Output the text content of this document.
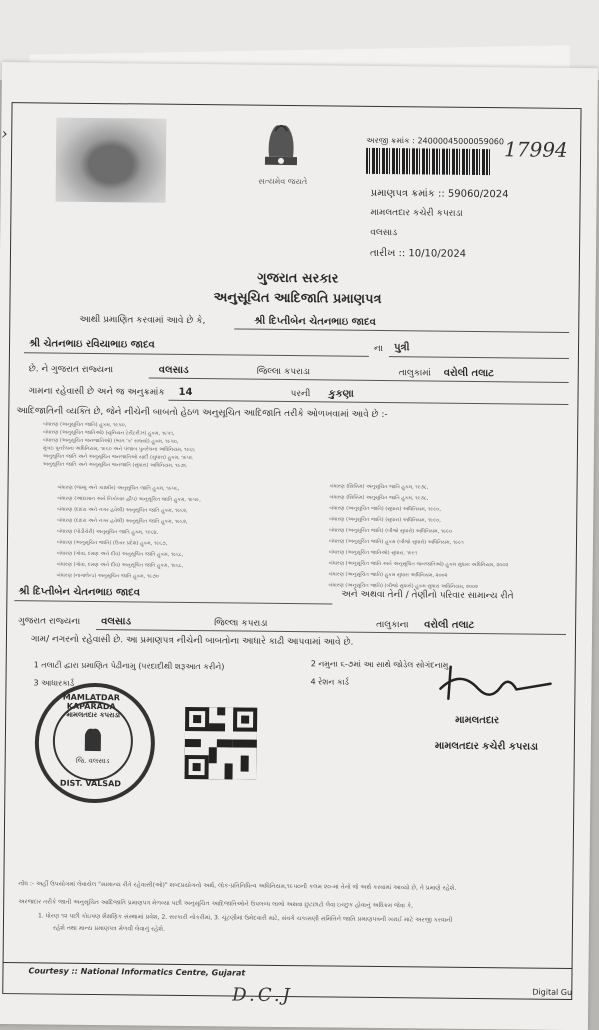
›
સત્યમેવ જયતે
અરજી ક્રમાંક : 24000045000059060 17994
પ્રમાણપત્ર ક્રમાંક :: 59060/2024
મામલતદાર કચેરી કપરાડા
વલસાડ
તારીખ :: 10/10/2024
ગુજરાત સરકાર
અનુસૂચિત આદિજાતિ પ્રમાણપત્ર
આથી પ્રમાણિત કરવામાં આવે છે કે,	શ્રી દિપ્તીબેન ચેતનભાઇ જાદવ
શ્રી ચેતનભાઇ રવિયાભાઇ જાદવ	ના પુત્રી
છે. ને ગુજરાત રાજ્યના	વલસાડ	જિલ્લા કપરાડા	તાલુકામાં વરોલી તલાટ
ગામના રહેવાસી છે અને જ અનુક્રમાંક 14	પરની કુકણા
આદિજાતિની વ્યક્તિ છે, જેને નીચેની બાબતો હેઠળ અનુસૂચિત આદિજાતિ તરીકે ઓળખવામાં આવે છે :-
બંધારણ (અનુસૂચિત જાતિ) હુકમ, ૧૯૫૦,
બંધારણ (અનુસૂચિત જાતિઓ) (યુનિયન ટેરીટરીઝ) હુકમ, ૧૯૫૧,
બંધારણ (અનુસૂચિત જનજાતિઓ) (ભાગ 'ક' રાજ્યો) હુકમ, ૧૯૫૦,
મુંબઇ પુનર્રચના અધિનિયમ, ૧૯૬૦ અને પંજાબ પુનર્રચના અધિનિયમ, ૧૯૬૬
અનુસૂચિત જાતિ અને અનુસૂચિત જનજાતિઓ યાદી (સુધારા) હુકમ, ૧૯૫૬
અનુસૂચિત જાતિ અને અનુસૂચિત જનજાતિ (સુધારા) અધિનિયમ, ૧૯૭૬
બંધારણ (જમ્મુ અને કાશ્મીર) અનુસૂચિત જાતિ હુકમ, ૧૯૫૬,
બંધારણ (આંદામાન અને નિકોબાર દ્વીપ) અનુસૂચિત જાતિ હુકમ, ૧૯૫૯,
બંધારણ (દાદરા અને નગર હવેલી) અનુસૂચિત જાતિ હુકમ, ૧૯૬૨,
બંધારણ (દાદરા અને નગર હવેલી) અનુસૂચિત જાતિ હુકમ, ૧૯૬૨,
બંધારણ (પોંડીચેરી) અનુસૂચિત જાતિ હુકમ, ૧૯૬૪,
બંધારણ (અનુસૂચિત જાતિ) (ઉત્તર પ્રદેશ) હુકમ, ૧૯૬૭,
બંધારણ (ગોવા, દમણ અને દીવ) અનુસૂચિત જાતિ હુકમ, ૧૯૬૮,
બંધારણ (ગોવા, દમણ અને દીવ) અનુસૂચિત જાતિ હુકમ, ૧૯૬૮,
બંધારણ (નાગાલેન્ડ) અનુસૂચિત જાતિ હુકમ, ૧૯૭૦
બંધારણ (સિક્કિમ) અનુસૂચિત જાતિ હુકમ, ૧૯૭૮,
બંધારણ (સિક્કિમ) અનુસૂચિત જાતિ હુકમ, ૧૯૭૮,
બંધારણ (અનુસૂચિત જાતિ) (સુધારા) અધિનિયમ, ૧૯૯૦,
બંધારણ (અનુસૂચિત જાતિ) (સુધારા) અધિનિયમ, ૧૯૯૦,
બંધારણ (અનુસૂચિત જાતિ) (બીજો સુધારો) અધિનિયમ, ૧૯૯૦
બંધારણ (અનુસૂચિત જાતિ) હુકમ (બીજો સુધારો) અધિનિયમ, ૧૯૯૧
બંધારણ (અનુસૂચિત જાતિઓ) સુધારા, ૧૯૯૧
બંધારણ (અનુસૂચિત જાતિ અને અનુસૂચિત જનજાતિઓ) હુકમ સુધારા અધિનિયમ, ૨૦૦૨
બંધારણ (અનુસૂચિત જાતિ) હુકમ સુધારા અધિનિયમ, ૨૦૦૨
બંધારણ (અનુસૂચિત જાતિ) (બીજો સુધારો) હુકમ સુધારા અધિનિયમ, ૨૦૦૨
શ્રી દિપ્તીબેન ચેતનભાઇ જાદવ	અને અથવા તેની / તેણીનો પરિવાર સામાન્ય રીતે
ગુજરાત રાજ્યના વલસાડ	જિલ્લા કપરાડા	તાલુકાના વરોલી તલાટ
ગામ/ નગરનો રહેવાસી છે. આ પ્રમાણપત્ર નીચેની બાબતોના આધારે કાઢી આપવામાં આવે છે.
1 તલાટી દ્વારા પ્રમાણિત પેઢીનામુ (પરદાદીથી શરૂઆત કરીને)	2 નમુના ૬-૭માં આ સાથે જોડેલ સોગંદનામુ
3 આધારકાર્ડ	4 રેશન કાર્ડ
MAMLATDAR KAPARADA
મામલતદાર કપરાડા
જિ. વલસાડ
DIST. VALSAD
મામલતદાર
મામલતદાર કચેરી કપરાડા
નોંધ :- અહીં ઉપયોગમાં લેવાયેલ "સામાન્ય રીતે રહેવાસી(ઓ)" શબ્દપ્રયોગનો અર્થ, લોક-પ્રતિનિધિત્વ અધિનિયમ,૧૯૫૦ની કલમ ૨૦-માં તેનો જે અર્થ કરવામાં આવ્યો છે, તે પ્રમાણે રહેશે.
અરજદાર તરીકે જાતી અનુસૂચિત આદિજાતિ પ્રમાણપત્ર મેળવ્યા પછી અનુસૂચિત આદિજાતિઓને ઉપલબ્ધ લાભો અથવા છુટછાટો લેવા ઇચ્છુક હોવાનું અધિક્રમ જેવા કે,
1. ધોરણ ૧૨ પછી કોઇપણ શૈક્ષણિક સંસ્થામાં પ્રવેશ, 2. સરકારી નોકરીમાં, 3. ચૂંટણીમાં ઉમેદવારી માટે, સંવર્ગ ચકાસણી સમિતિને જાતિ પ્રમાણપત્રની ખરાઈ માટે અરજી કરવાની
રહેશે તથા માન્ય પ્રમાણપત્ર મેળવી લેવાનું રહેશે.
Courtesy :: National Informatics Centre, Gujarat
Digital Gu
D.C.J
